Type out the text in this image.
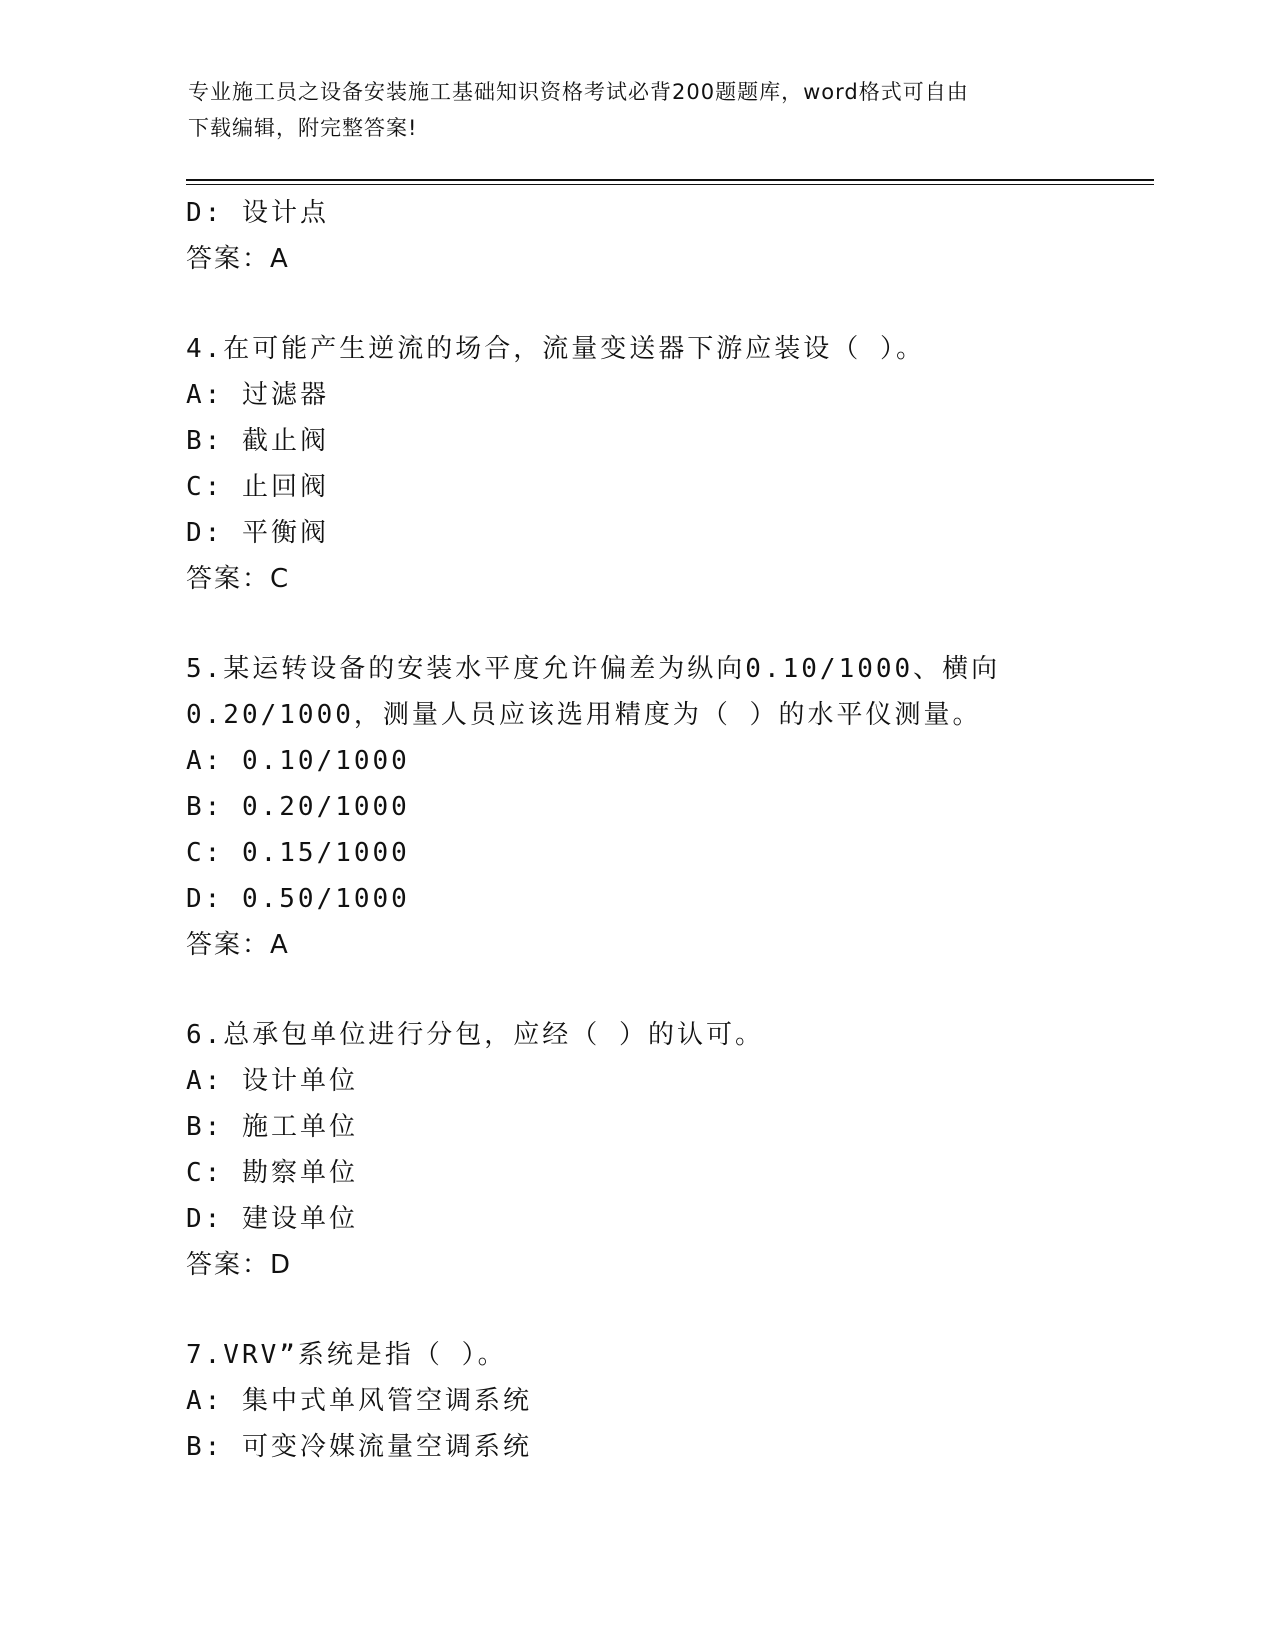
专业施工员之设备安装施工基础知识资格考试必背200题题库，word格式可自由
下载编辑，附完整答案!
D: 设计点
答案：A
4.在可能产生逆流的场合，流量变送器下游应装设（ ）。
A: 过滤器
B: 截止阀
C: 止回阀
D: 平衡阀
答案：C
5.某运转设备的安装水平度允许偏差为纵向0.10/1000、横向
0.20/1000，测量人员应该选用精度为（ ）的水平仪测量。
A: 0.10/1000
B: 0.20/1000
C: 0.15/1000
D: 0.50/1000
答案：A
6.总承包单位进行分包，应经（ ）的认可。
A: 设计单位
B: 施工单位
C: 勘察单位
D: 建设单位
答案：D
7.VRV”系统是指（ ）。
A: 集中式单风管空调系统
B: 可变冷媒流量空调系统
